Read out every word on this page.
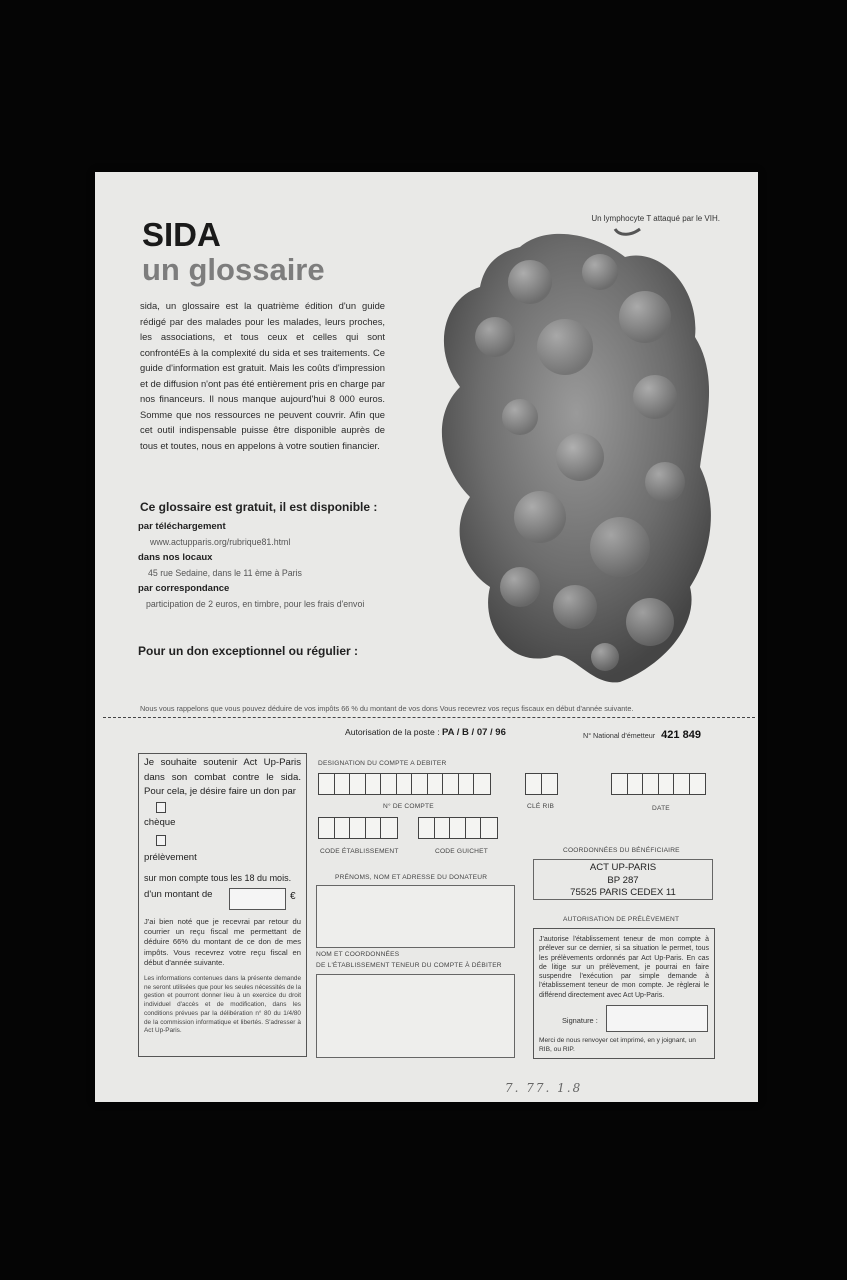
SIDA
un glossaire
Un lymphocyte T attaqué par le VIH.
sida, un glossaire est la quatrième édition d'un guide rédigé par des malades pour les malades, leurs proches, les associations, et tous ceux et celles qui sont confrontéEs à la complexité du sida et ses traitements. Ce guide d'information est gratuit. Mais les coûts d'impression et de diffusion n'ont pas été entièrement pris en charge par nos financeurs. Il nous manque aujourd'hui 8 000 euros. Somme que nos ressources ne peuvent couvrir. Afin que cet outil indispensable puisse être disponible auprès de tous et toutes, nous en appelons à votre soutien financier.
Ce glossaire est gratuit, il est disponible :
par téléchargement
www.actupparis.org/rubrique81.html
dans nos locaux
45 rue Sedaine, dans le 11 ème à Paris
par correspondance
participation de 2 euros, en timbre, pour les frais d'envoi
Pour un don exceptionnel ou régulier :
Nous vous rappelons que vous pouvez déduire de vos impôts 66 % du montant de vos dons Vous recevrez vos reçus fiscaux en début d'année suivante.
Autorisation de la poste : PA / B / 07 / 96	N° National d'émetteur 421 849
Je souhaite soutenir Act Up-Paris dans son combat contre le sida. Pour cela, je désire faire un don par
chèque
prélèvement
sur mon compte tous les 18 du mois.
d'un montant de	€
J'ai bien noté que je recevrai par retour du courrier un reçu fiscal me permettant de déduire 66% du montant de ce don de mes impôts. Vous recevrez votre reçu fiscal en début d'année suivante.
Les informations contenues dans la présente demande ne seront utilisées que pour les seules nécessités de la gestion et pourront donner lieu à un exercice du droit individuel d'accès et de modification, dans les conditions prévues par la délibération n° 80 du 1/4/80 de la commission informatique et libertés. S'adresser à Act Up-Paris.
DESIGNATION DU COMPTE A DEBITER
N° DE COMPTE	CLÉ RIB	DATE
CODE ÉTABLISSEMENT	CODE GUICHET
PRÉNOMS, NOM ET ADRESSE DU DONATEUR
NOM ET COORDONNÉES
DE L'ÉTABLISSEMENT TENEUR DU COMPTE À DÉBITER
COORDONNÉES DU BÉNÉFICIAIRE
ACT UP-PARIS
BP 287
75525 PARIS CEDEX 11
AUTORISATION DE PRÉLÈVEMENT
J'autorise l'établissement teneur de mon compte à prélever sur ce dernier, si sa situation le permet, tous les prélèvements ordonnés par Act Up-Paris. En cas de litige sur un prélèvement, je pourrai en faire suspendre l'exécution par simple demande à l'établissement teneur de mon compte. Je règlerai le différend directement avec Act Up-Paris.
Signature :
Merci de nous renvoyer cet imprimé, en y joignant, un RIB, ou RIP.
7. 77. 1.8
